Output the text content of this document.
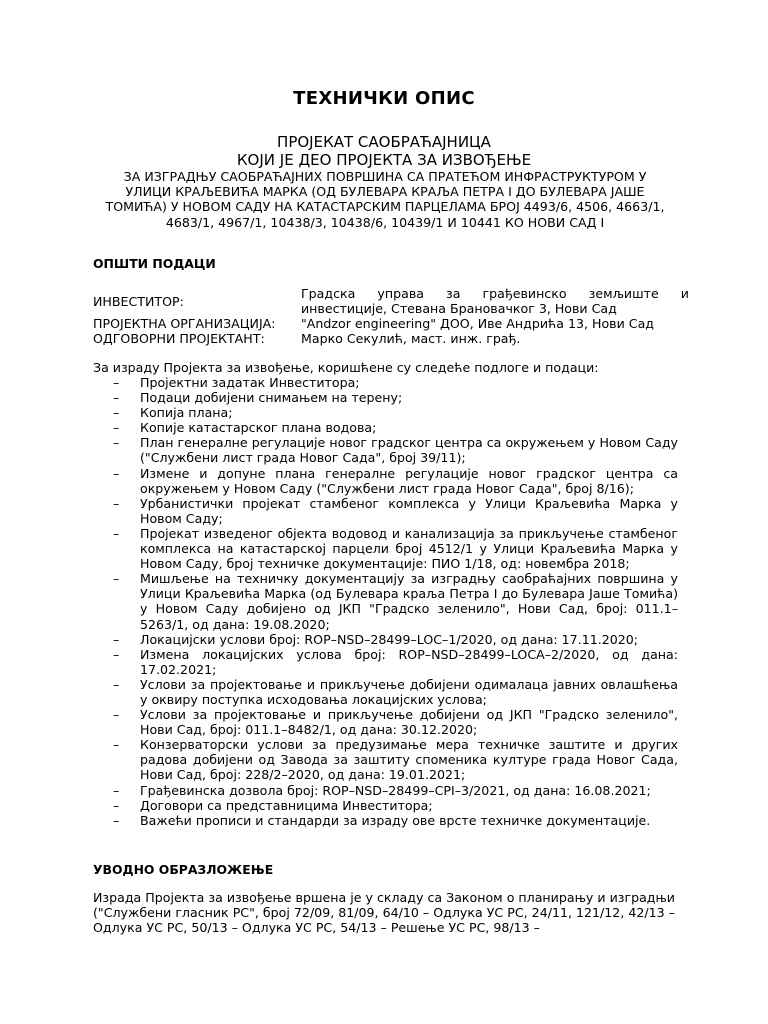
ТЕХНИЧКИ ОПИС
ПРОЈЕКАТ САОБРАЋАЈНИЦА
КОЈИ ЈЕ ДЕО ПРОЈЕКТА ЗА ИЗВОЂЕЊЕ
ЗА ИЗГРАДЊУ САОБРАЋАЈНИХ ПОВРШИНА СА ПРАТЕЋОМ ИНФРАСТРУКТУРОМ У УЛИЦИ КРАЉЕВИЋА МАРКА (ОД БУЛЕВАРА КРАЉА ПЕТРА I ДО БУЛЕВАРА ЈАШЕ ТОМИЋА) У НОВОМ САДУ НА КАТАСТАРСКИМ ПАРЦЕЛАМА БРОЈ 4493/6, 4506, 4663/1, 4683/1, 4967/1, 10438/3, 10438/6, 10439/1 И 10441 КО НОВИ САД I
ОПШТИ ПОДАЦИ
ИНВЕСТИТОР:
Градска управа за грађевинско земљиште и
инвестиције, Стевана Брановачког 3, Нови Сад
ПРОЈЕКТНА ОРГАНИЗАЦИЈА: "Andzor engineering" ДОО, Иве Андрића 13, Нови Сад
ОДГОВОРНИ ПРОЈЕКТАНТ:	Марко Секулић, маст. инж. грађ.
За израду Пројекта за извођење, коришћене су следеће подлоге и подаци:
– Пројектни задатак Инвеститора;
– Подаци добијени снимањем на терену;
– Копија плана;
– Копије катастарског плана водова;
– План генералне регулације новог градског центра са окружењем у Новом Саду ("Службени лист града Новог Сада", број 39/11);
– Измене и допуне плана генералне регулације новог градског центра са окружењем у Новом Саду ("Службени лист града Новог Сада", број 8/16);
– Урбанистички пројекат стамбеног комплекса у Улици Краљевића Марка у Новом Саду;
– Пројекат изведеног објекта водовод и канализација за прикључење стамбеног комплекса на катастарској парцели број 4512/1 у Улици Краљевића Марка у Новом Саду, број техничке документације: ПИО 1/18, од: новембра 2018;
– Мишљење на техничку документацију за изградњу саобраћајних површина у Улици Краљевића Марка (од Булевара краља Петра I до Булевара Јаше Томића) у Новом Саду добијено од ЈКП "Градско зеленило", Нови Сад, број: 011.1–5263/1, од дана: 19.08.2020;
– Локацијски услови број: ROP–NSD–28499–LOC–1/2020, од дана: 17.11.2020;
– Измена локацијских услова број: ROP–NSD–28499–LOCA–2/2020, од дана: 17.02.2021;
– Услови за пројектовање и прикључење добијени одималаца јавних овлашћења у оквиру поступка исходовања локацијских услова;
– Услови за пројектовање и прикључење добијени од ЈКП "Градско зеленило", Нови Сад, број: 011.1–8482/1, од дана: 30.12.2020;
– Конзерваторски услови за предузимање мера техничке заштите и других радова добијени од Завода за заштиту споменика културе града Новог Сада, Нови Сад, број: 228/2–2020, од дана: 19.01.2021;
– Грађевинска дозвола број: ROP–NSD–28499–CPI–3/2021, од дана: 16.08.2021;
– Договори са представницима Инвеститора;
– Важећи прописи и стандарди за израду ове врсте техничке документације.
УВОДНО ОБРАЗЛОЖЕЊЕ
Израда Пројекта за извођење вршена је у складу са Законом о планирању и изградњи ("Службени гласник РС", број 72/09, 81/09, 64/10 – Одлука УС РС, 24/11, 121/12, 42/13 – Одлука УС РС, 50/13 – Одлука УС РС, 54/13 – Решење УС РС, 98/13 –
